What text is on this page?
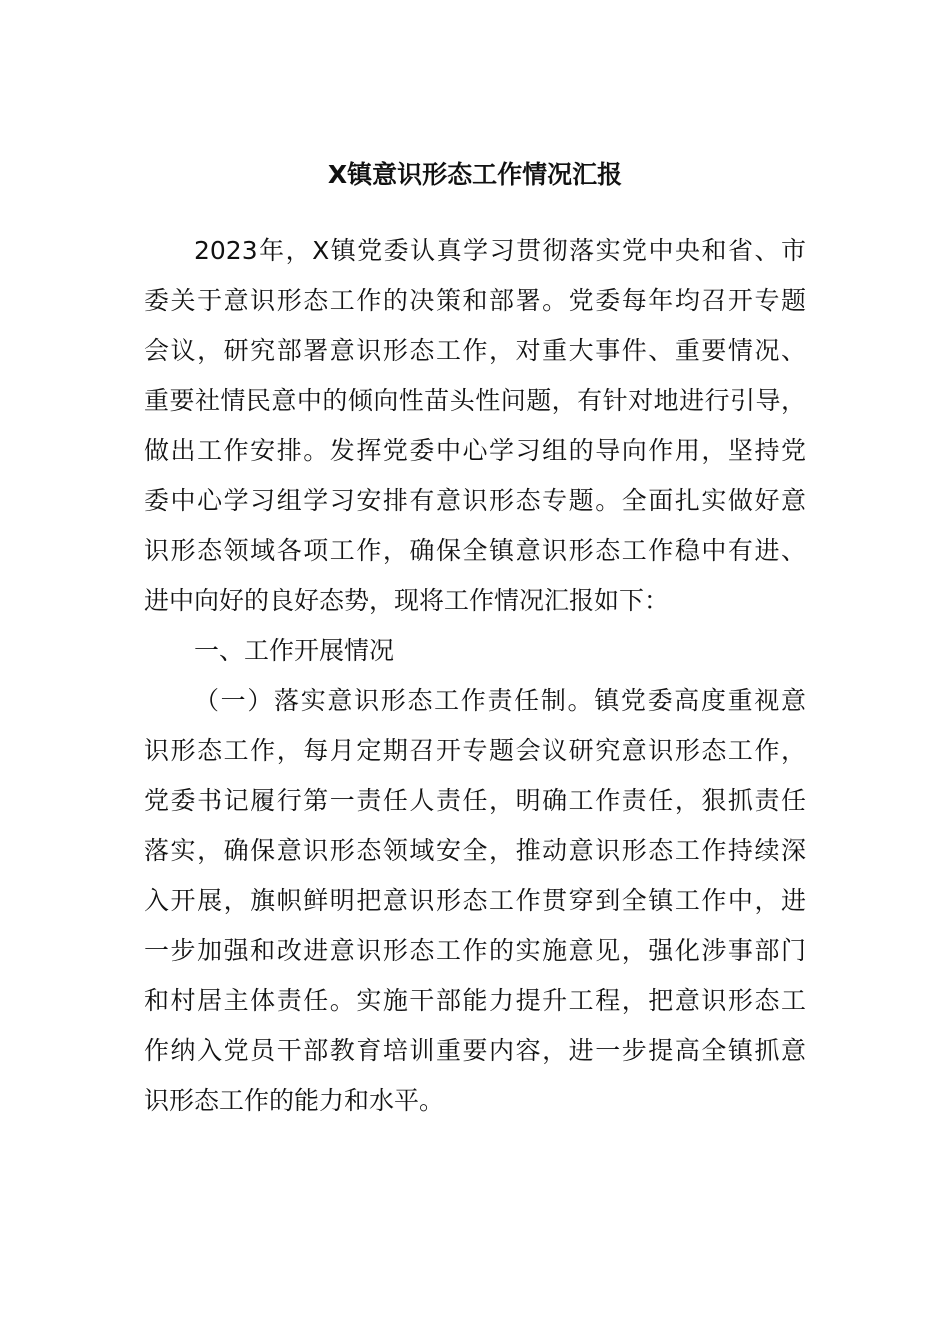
X镇意识形态工作情况汇报
2023年，X镇党委认真学习贯彻落实党中央和省、市
委关于意识形态工作的决策和部署。党委每年均召开专题
会议，研究部署意识形态工作，对重大事件、重要情况、
重要社情民意中的倾向性苗头性问题，有针对地进行引导，
做出工作安排。发挥党委中心学习组的导向作用，坚持党
委中心学习组学习安排有意识形态专题。全面扎实做好意
识形态领域各项工作，确保全镇意识形态工作稳中有进、
进中向好的良好态势，现将工作情况汇报如下：
一、工作开展情况
（一）落实意识形态工作责任制。镇党委高度重视意
识形态工作，每月定期召开专题会议研究意识形态工作，
党委书记履行第一责任人责任，明确工作责任，狠抓责任
落实，确保意识形态领域安全，推动意识形态工作持续深
入开展，旗帜鲜明把意识形态工作贯穿到全镇工作中，进
一步加强和改进意识形态工作的实施意见，强化涉事部门
和村居主体责任。实施干部能力提升工程，把意识形态工
作纳入党员干部教育培训重要内容，进一步提高全镇抓意
识形态工作的能力和水平。
